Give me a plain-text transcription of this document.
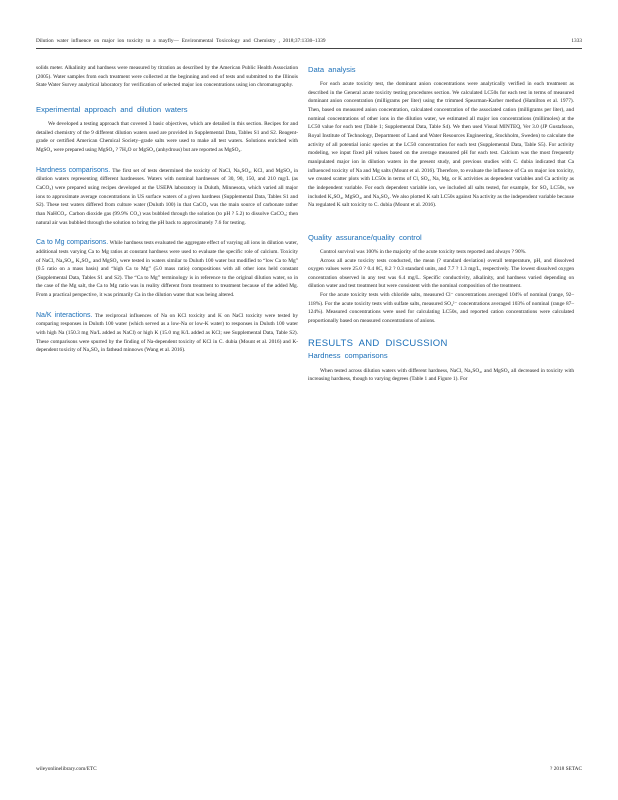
Dilution water influence on major ion toxicity to a mayfly— Environmental Toxicology and Chemistry , 2018;37:1330–1339	1333

solids meter. Alkalinity and hardness were measured by titration as described by the American Public Health Association (2005). Water samples from each treatment were collected at the beginning and end of tests and submitted to the Illinois State Water Survey analytical laboratory for verification of selected major ion concentrations using ion chromatography.

Experimental approach and dilution waters

We developed a testing approach that covered 3 basic objectives, which are detailed in this section. Recipes for and detailed chemistry of the 9 different dilution waters used are provided in Supplemental Data, Tables S1 and S2. Reagent-grade or certified American Chemical Society–grade salts were used to make all test waters. Solutions enriched with MgSO₄ were prepared using MgSO₄ ? 7H₂O or MgSO₄ (anhydrous) but are reported as MgSO₄.

Hardness comparisons. The first set of tests determined the toxicity of NaCl, Na₂SO₄, KCl, and MgSO₄ in dilution waters representing different hardnesses. Waters with nominal hardnesses of 30, 90, 150, and 210 mg/L (as CaCO₃) were prepared using recipes developed at the USEPA laboratory in Duluth, Minnesota, which varied all major ions to approximate average concentrations in US surface waters of a given hardness (Supplemental Data, Tables S1 and S2). These test waters differed from culture water (Duluth 100) in that CaCO₃ was the main source of carbonate rather than NaHCO₃. Carbon dioxide gas (99.9% CO₂) was bubbled through the solution (to pH ? 5.2) to dissolve CaCO₃; then natural air was bubbled through the solution to bring the pH back to approximately 7.6 for testing.

Ca to Mg comparisons. While hardness tests evaluated the aggregate effect of varying all ions in dilution water, additional tests varying Ca to Mg ratios at constant hardness were used to evaluate the specific role of calcium. Toxicity of NaCl, Na₂SO₄, K₂SO₄, and MgSO₄ were tested in waters similar to Duluth 100 water but modified to “low Ca to Mg” (0.5 ratio on a mass basis) and “high Ca to Mg” (5.0 mass ratio) compositions with all other ions held constant (Supplemental Data, Tables S1 and S2). The “Ca to Mg” terminology is in reference to the original dilution water, so in the case of the Mg salt, the Ca to Mg ratio was in reality different from treatment to treatment because of the added Mg. From a practical perspective, it was primarily Ca in the dilution water that was being altered.

Na/K interactions. The reciprocal influences of Na on KCl toxicity and K on NaCl toxicity were tested by comparing responses in Duluth 100 water (which served as a low-Na or low-K water) to responses in Duluth 100 water with high Na (150.3 mg Na/L added as NaCl) or high K (15.0 mg K/L added as KCl; see Supplemental Data, Table S2). These comparisons were spurred by the finding of Na-dependent toxicity of KCl in C. dubia (Mount et al. 2016) and K-dependent toxicity of Na₂SO₄ in fathead minnows (Wang et al. 2016).

Data analysis

For each acute toxicity test, the dominant anion concentrations were analytically verified in each treatment as described in the General acute toxicity testing procedures section. We calculated LC50s for each test in terms of measured dominant anion concentration (milligrams per liter) using the trimmed Spearman-Karber method (Hamilton et al. 1977). Then, based on measured anion concentration, calculated concentration of the associated cation (milligrams per liter), and nominal concentrations of other ions in the dilution water, we estimated all major ion concentrations (millimoles) at the LC50 value for each test (Table 1; Supplemental Data, Table S4). We then used Visual MINTEQ, Ver 3.0 (JP Gustafsson, Royal Institute of Technology, Department of Land and Water Resources Engineering, Stockholm, Sweden) to calculate the activity of all potential ionic species at the LC50 concentration for each test (Supplemental Data, Table S5). For activity modeling, we input fixed pH values based on the average measured pH for each test. Calcium was the most frequently manipulated major ion in dilution waters in the present study, and previous studies with C. dubia indicated that Ca influenced toxicity of Na and Mg salts (Mount et al. 2016). Therefore, to evaluate the influence of Ca on major ion toxicity, we created scatter plots with LC50s in terms of Cl, SO₄, Na, Mg, or K activities as dependent variables and Ca activity as the independent variable. For each dependent variable ion, we included all salts tested, for example, for SO₄ LC50s, we included K₂SO₄, MgSO₄, and Na₂SO₄. We also plotted K salt LC50s against Na activity as the independent variable because Na regulated K salt toxicity to C. dubia (Mount et al. 2016).

Quality assurance/quality control

Control survival was 100% in the majority of the acute toxicity tests reported and always ? 90%.

Across all acute toxicity tests conducted, the mean (? standard deviation) overall temperature, pH, and dissolved oxygen values were 25.0 ? 0.4 8C, 8.2 ? 0.3 standard units, and 7.7 ? 1.3 mg/L, respectively. The lowest dissolved oxygen concentration observed in any test was 6.4 mg/L. Specific conductivity, alkalinity, and hardness varied depending on dilution water and test treatment but were consistent with the nominal composition of the treatment.

For the acute toxicity tests with chloride salts, measured Cl⁻ concentrations averaged 104% of nominal (range, 92–118%). For the acute toxicity tests with sulfate salts, measured SO₄²⁻ concentrations averaged 103% of nominal (range 87–124%). Measured concentrations were used for calculating LC50s, and reported cation concentrations were calculated proportionally based on measured concentrations of anions.

RESULTS AND DISCUSSION
Hardness comparisons

When tested across dilution waters with different hardness, NaCl, Na₂SO₄, and MgSO₄ all decreased in toxicity with increasing hardness, though to varying degrees (Table 1 and Figure 1). For

wileyonlinelibrary.com/ETC	? 2018 SETAC
